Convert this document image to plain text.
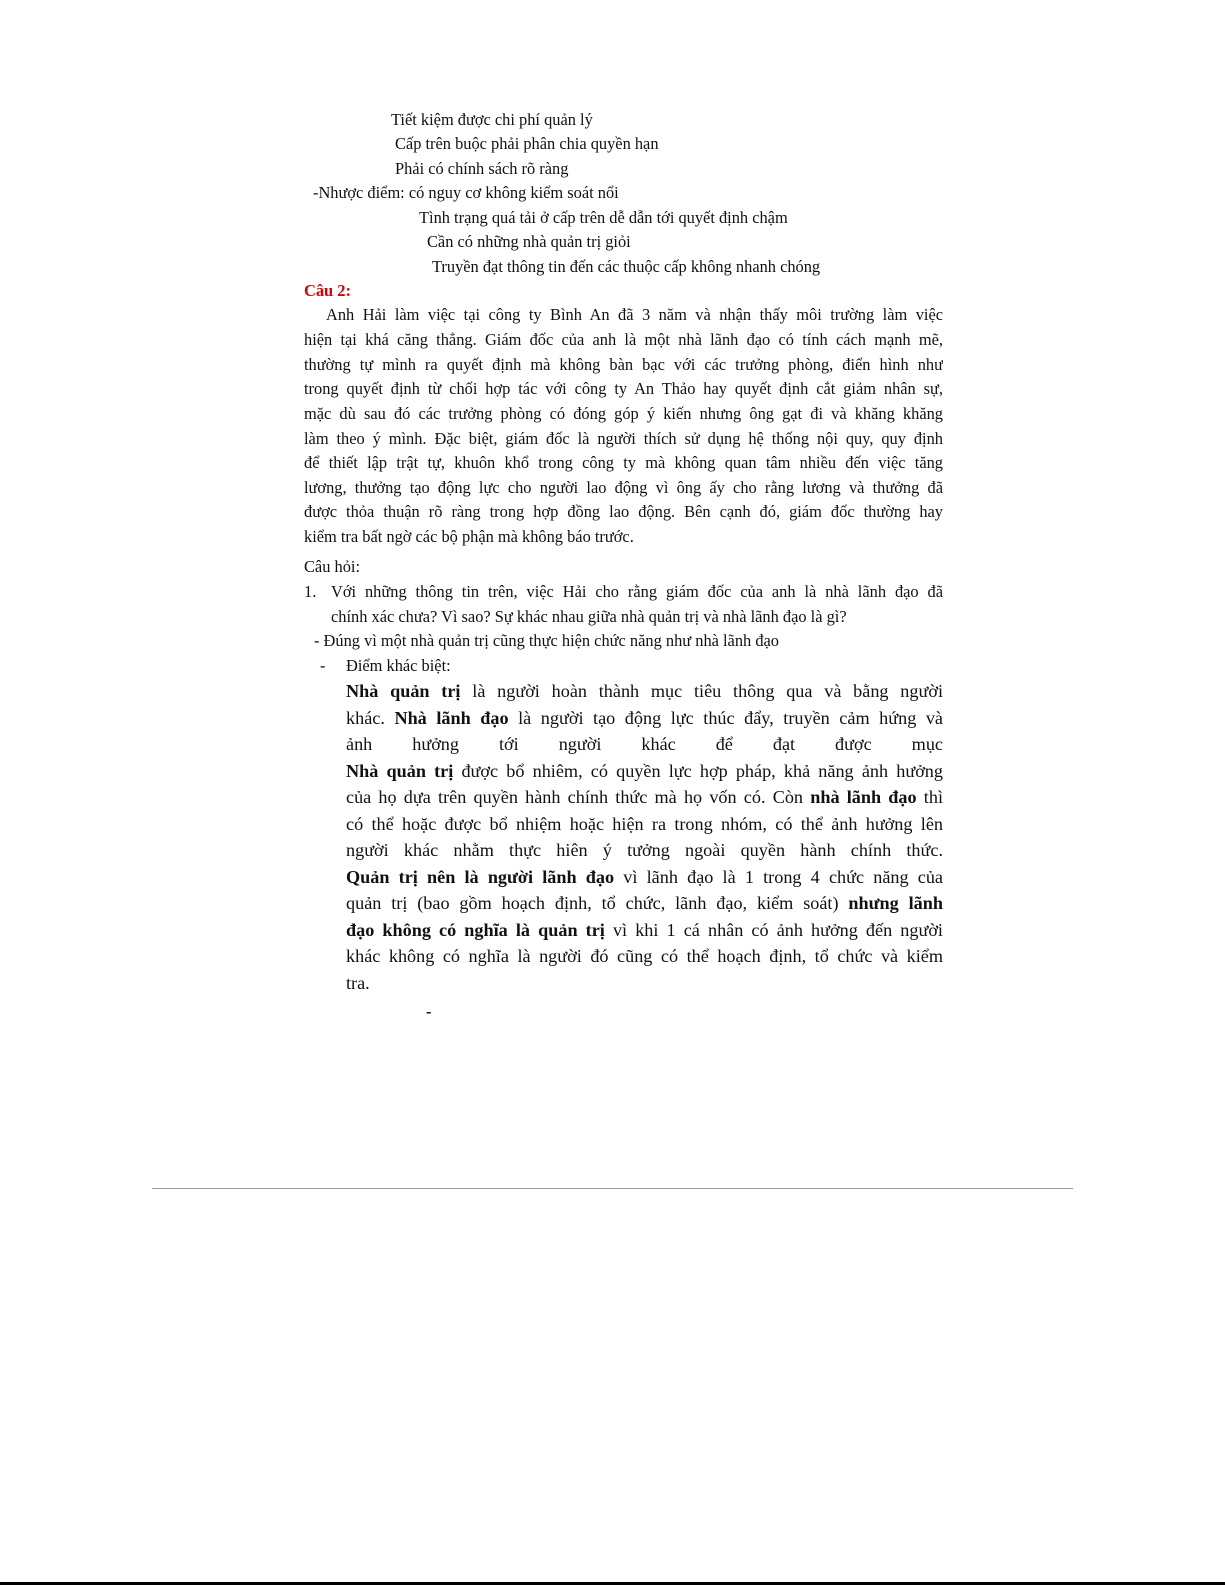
Tiết kiệm được chi phí quản lý
Cấp trên buộc phải phân chia quyền hạn
Phải có chính sách rõ ràng
-Nhược điểm: có nguy cơ không kiểm soát nổi
Tình trạng quá tải ở cấp trên dễ dẫn tới quyết định chậm
Cần có những nhà quản trị giỏi
Truyền đạt thông tin đến các thuộc cấp không nhanh chóng
Câu 2:
Anh Hải làm việc tại công ty Bình An đã 3 năm và nhận thấy môi trường làm việc
hiện tại khá căng thẳng. Giám đốc của anh là một nhà lãnh đạo có tính cách mạnh mẽ,
thường tự mình ra quyết định mà không bàn bạc với các trưởng phòng, điển hình như
trong quyết định từ chối hợp tác với công ty An Thảo hay quyết định cắt giảm nhân sự,
mặc dù sau đó các trưởng phòng có đóng góp ý kiến nhưng ông gạt đi và khăng khăng
làm theo ý mình. Đặc biệt, giám đốc là người thích sử dụng hệ thống nội quy, quy định
để thiết lập trật tự, khuôn khổ trong công ty mà không quan tâm nhiều đến việc tăng
lương, thưởng tạo động lực cho người lao động vì ông ấy cho rằng lương và thưởng đã
được thỏa thuận rõ ràng trong hợp đồng lao động. Bên cạnh đó, giám đốc thường hay
kiểm tra bất ngờ các bộ phận mà không báo trước.
Câu hỏi:
1. Với những thông tin trên, việc Hải cho rằng giám đốc của anh là nhà lãnh đạo đã
chính xác chưa? Vì sao? Sự khác nhau giữa nhà quản trị và nhà lãnh đạo là gì?
- Đúng vì một nhà quản trị cũng thực hiện chức năng như nhà lãnh đạo
- Điểm khác biệt:
Nhà quản trị là người hoàn thành mục tiêu thông qua và bằng người
khác. Nhà lãnh đạo là người tạo động lực thúc đẩy, truyền cảm hứng và
ảnh hưởng tới người khác để đạt được mục
Nhà quản trị được bổ nhiêm, có quyền lực hợp pháp, khả năng ảnh hưởng
của họ dựa trên quyền hành chính thức mà họ vốn có. Còn nhà lãnh đạo thì
có thể hoặc được bổ nhiệm hoặc hiện ra trong nhóm, có thể ảnh hưởng lên
người khác nhằm thực hiên ý tưởng ngoài quyền hành chính thức.
Quản trị nên là người lãnh đạo vì lãnh đạo là 1 trong 4 chức năng của
quản trị (bao gồm hoạch định, tổ chức, lãnh đạo, kiểm soát) nhưng lãnh
đạo không có nghĩa là quản trị vì khi 1 cá nhân có ảnh hưởng đến người
khác không có nghĩa là người đó cũng có thể hoạch định, tổ chức và kiểm
tra.
-
